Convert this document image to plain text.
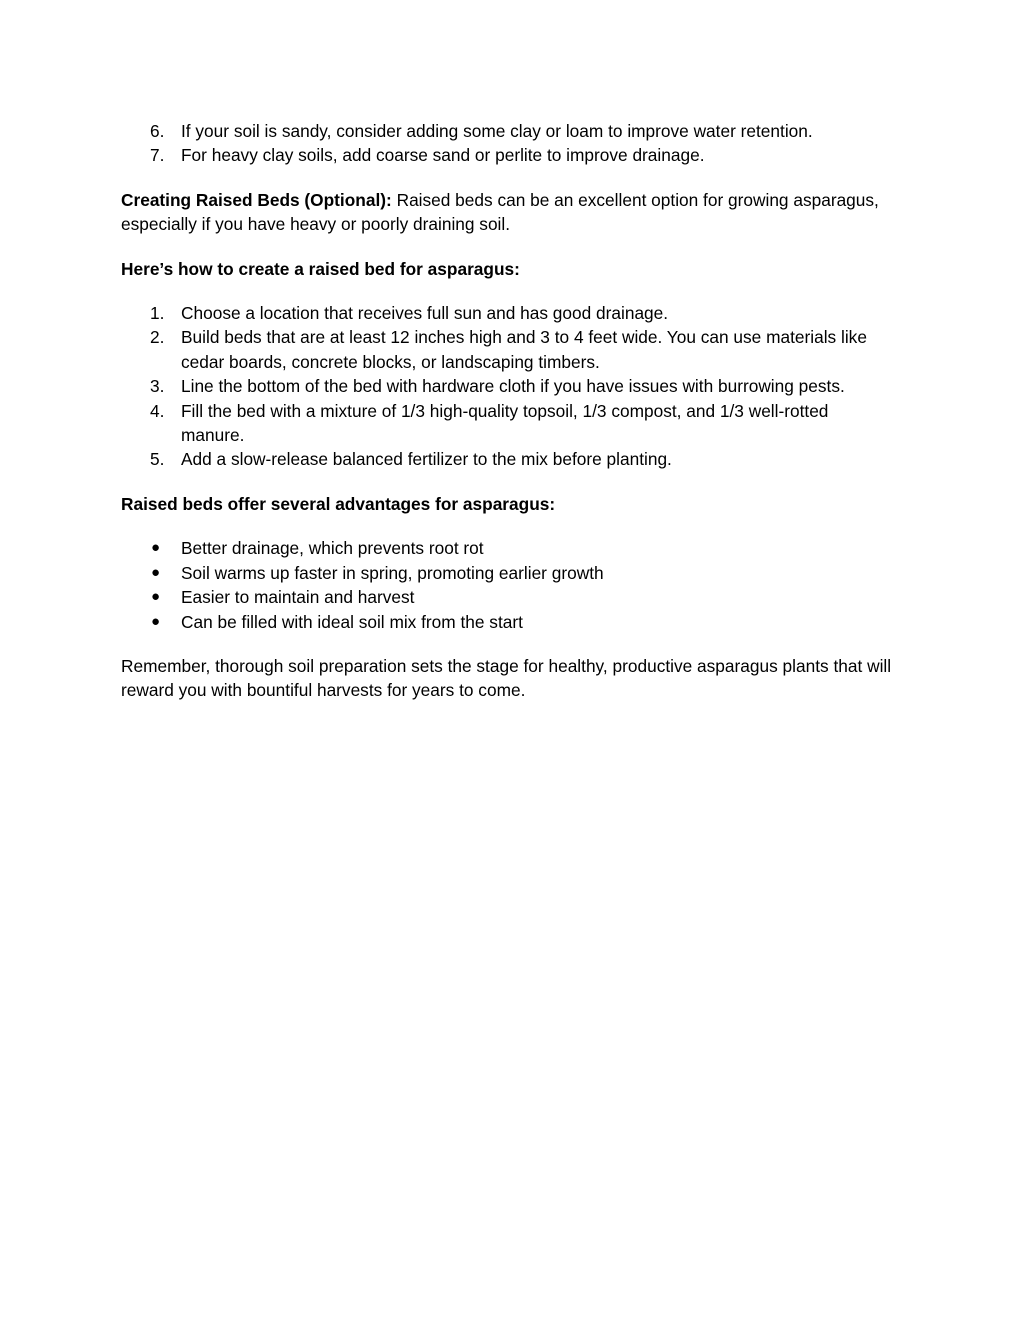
6. If your soil is sandy, consider adding some clay or loam to improve water retention.
7. For heavy clay soils, add coarse sand or perlite to improve drainage.

Creating Raised Beds (Optional): Raised beds can be an excellent option for growing asparagus, especially if you have heavy or poorly draining soil.

Here’s how to create a raised bed for asparagus:

1. Choose a location that receives full sun and has good drainage.
2. Build beds that are at least 12 inches high and 3 to 4 feet wide. You can use materials like cedar boards, concrete blocks, or landscaping timbers.
3. Line the bottom of the bed with hardware cloth if you have issues with burrowing pests.
4. Fill the bed with a mixture of 1/3 high-quality topsoil, 1/3 compost, and 1/3 well-rotted manure.
5. Add a slow-release balanced fertilizer to the mix before planting.

Raised beds offer several advantages for asparagus:

● Better drainage, which prevents root rot
● Soil warms up faster in spring, promoting earlier growth
● Easier to maintain and harvest
● Can be filled with ideal soil mix from the start

Remember, thorough soil preparation sets the stage for healthy, productive asparagus plants that will reward you with bountiful harvests for years to come.
